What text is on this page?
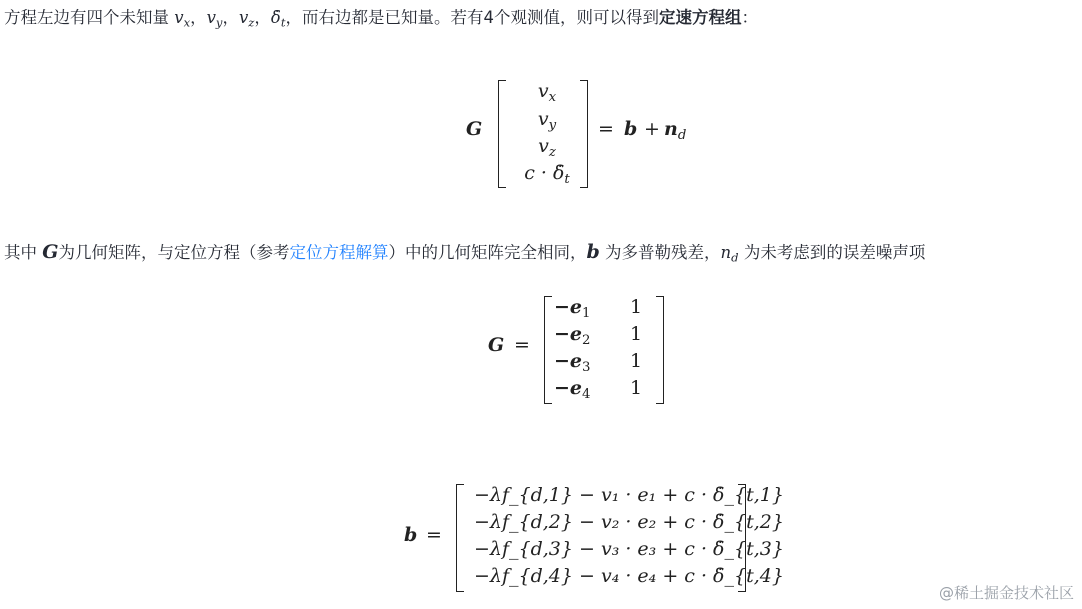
方程左边有四个未知量 $v_x$，$v_y$，$v_z$，$\deltȧ_t$，而右边都是已知量。若有4个观测值，则可以得到定速方程组：
G
$v_x$
$v_y$
$v_z$
$c \cdot \deltȧ_t$
= $b + n_d$
其中 G为几何矩阵，与定位方程（参考定位方程解算）中的几何矩阵完全相同，b 为多普勒残差，$n_d$ 为未考虑到的误差噪声项
G =
$-e_1$ 1
$-e_2$ 1
$-e_3$ 1
$-e_4$ 1
b =
−λf_{d,1} − v₁ · e₁ + c · δ̇_{t,1}
−λf_{d,2} − v₂ · e₂ + c · δ̇_{t,2}
−λf_{d,3} − v₃ · e₃ + c · δ̇_{t,3}
−λf_{d,4} − v₄ · e₄ + c · δ̇_{t,4}
@稀土掘金技术社区
